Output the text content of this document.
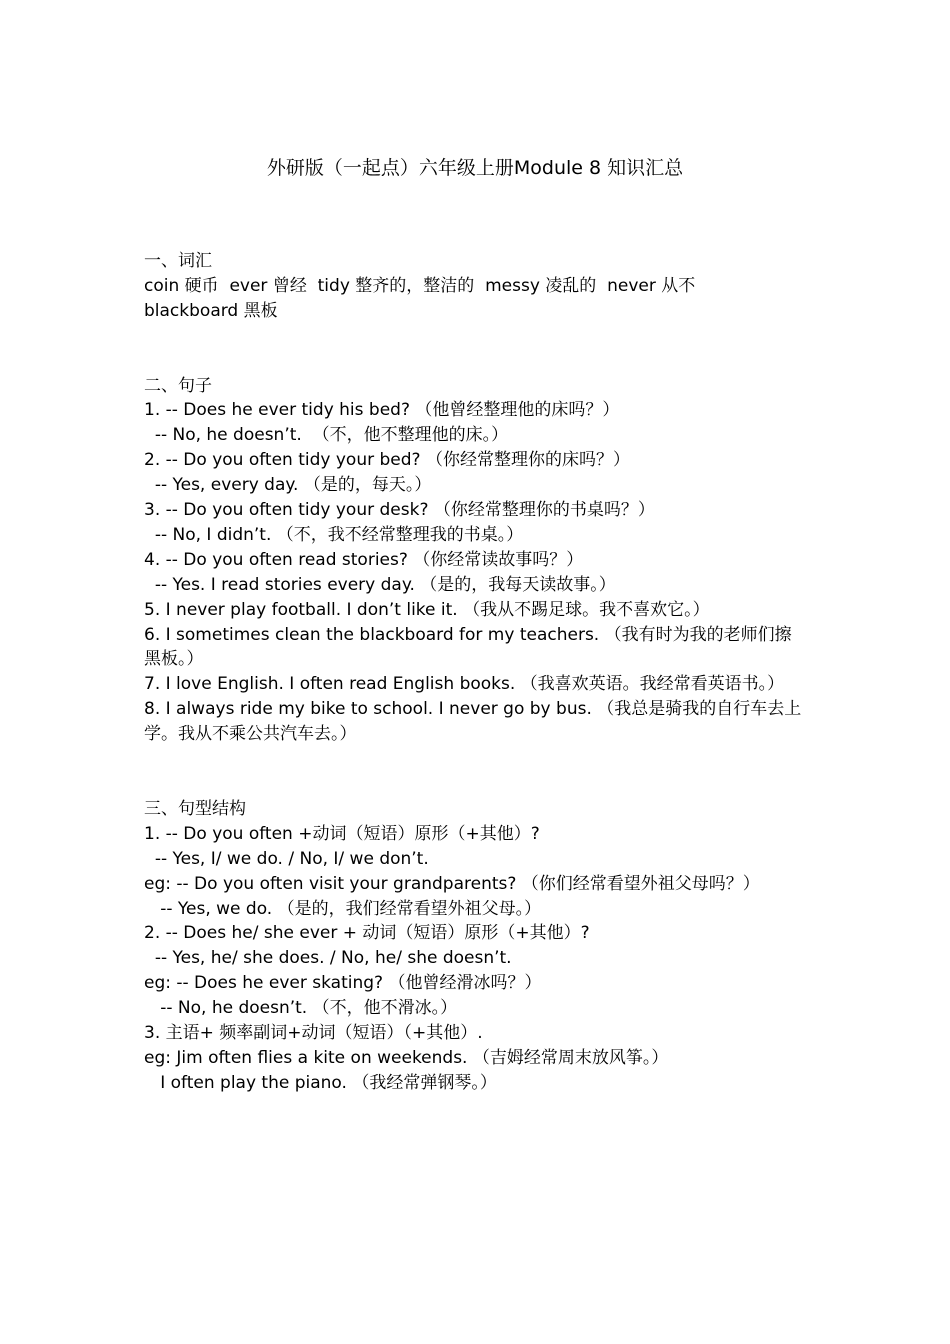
外研版（一起点）六年级上册Module 8 知识汇总

一、词汇

coin 硬币  ever 曾经  tidy 整齐的，整洁的  messy 凌乱的  never 从不

blackboard 黑板

二、句子

1. -- Does he ever tidy his bed? （他曾经整理他的床吗？）

-- No, he doesn’t.  （不，他不整理他的床。）

2. -- Do you often tidy your bed? （你经常整理你的床吗？）

-- Yes, every day. （是的，每天。）

3. -- Do you often tidy your desk? （你经常整理你的书桌吗？）

-- No, I didn’t. （不，我不经常整理我的书桌。）

4. -- Do you often read stories? （你经常读故事吗？）

-- Yes. I read stories every day. （是的，我每天读故事。）

5. I never play football. I don’t like it. （我从不踢足球。我不喜欢它。）

6. I sometimes clean the blackboard for my teachers. （我有时为我的老师们擦黑板。）

7. I love English. I often read English books. （我喜欢英语。我经常看英语书。）

8. I always ride my bike to school. I never go by bus. （我总是骑我的自行车去上学。我从不乘公共汽车去。）

三、句型结构

1. -- Do you often +动词（短语）原形（+其他）?

-- Yes, I/ we do. / No, I/ we don’t.

eg: -- Do you often visit your grandparents? （你们经常看望外祖父母吗？）

-- Yes, we do. （是的，我们经常看望外祖父母。）

2. -- Does he/ she ever + 动词（短语）原形（+其他）?

-- Yes, he/ she does. / No, he/ she doesn’t.

eg: -- Does he ever skating? （他曾经滑冰吗？）

-- No, he doesn’t. （不，他不滑冰。）

3. 主语+ 频率副词+动词（短语）（+其他）.

eg: Jim often flies a kite on weekends. （吉姆经常周末放风筝。）

I often play the piano. （我经常弹钢琴。）
